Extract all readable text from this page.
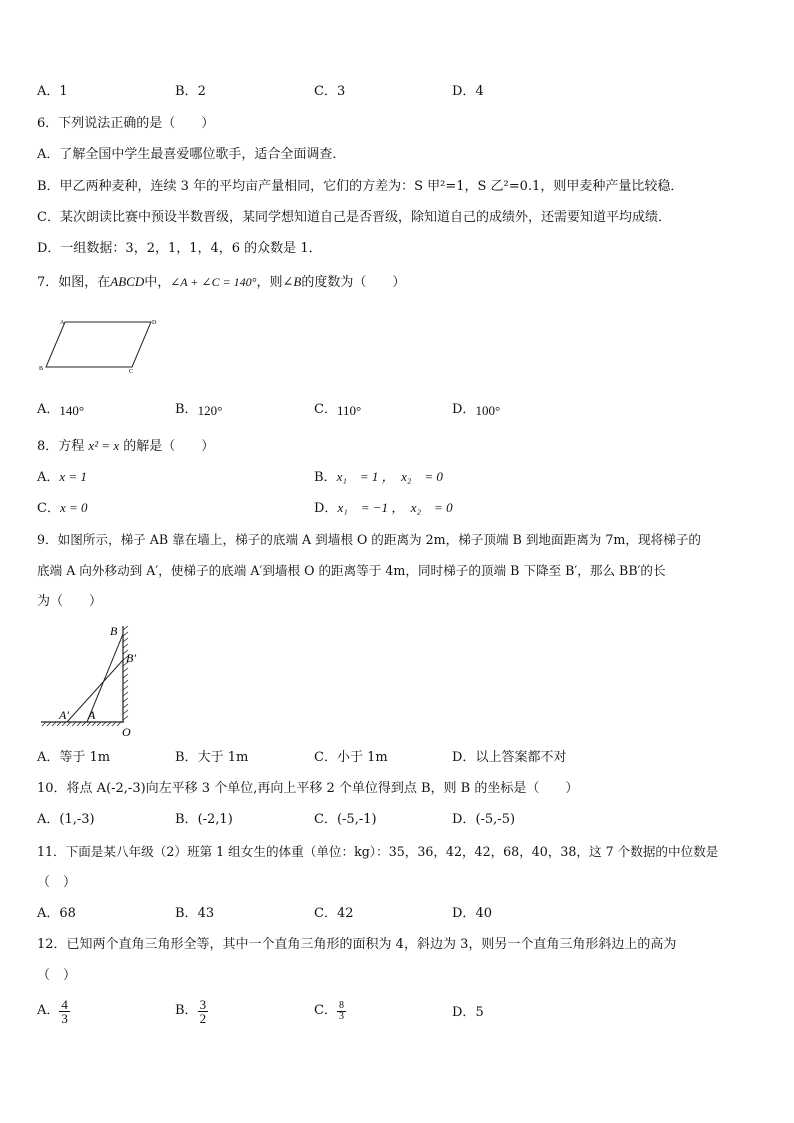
A．1	B．2	C．3	D．4
6．下列说法正确的是（　　）
A．了解全国中学生最喜爱哪位歌手，适合全面调查．
B．甲乙两种麦种，连续 3 年的平均亩产量相同，它们的方差为：S 甲²=1，S 乙²=0.1，则甲麦种产量比较稳．
C．某次朗读比赛中预设半数晋级，某同学想知道自己是否晋级，除知道自己的成绩外，还需要知道平均成绩．
D．一组数据：3，2，1，1，4，6 的众数是 1．
7．如图，在ABCD中，∠A + ∠C = 140°，则∠B的度数为（　　）
A	D
B	C
A．140°	B．120°	C．110°	D．100°
8．方程 x² = x 的解是（　　）
A．x = 1	B．x₁　= 1 ，　x₂　= 0
C．x = 0	D．x₁　= −1 ，　x₂　= 0
9．如图所示，梯子 AB 靠在墙上，梯子的底端 A 到墙根 O 的距离为 2m，梯子顶端 B 到地面距离为 7m，现将梯子的
底端 A 向外移动到 A′，使梯子的底端 A′到墙根 O 的距离等于 4m，同时梯子的顶端 B 下降至 B′，那么 BB′的长
为（　　）
B
B′
A′ A
O
A．等于 1m	B．大于 1m	C．小于 1m	D．以上答案都不对
10．将点 A(-2,-3)向左平移 3 个单位,再向上平移 2 个单位得到点 B，则 B 的坐标是（　　）
A．(1,-3)	B．(-2,1)	C．(-5,-1)	D．(-5,-5)
11．下面是某八年级（2）班第 1 组女生的体重（单位：kg）：35，36，42，42，68，40，38，这 7 个数据的中位数是
（　）
A．68	B．43	C．42	D．40
12．已知两个直角三角形全等，其中一个直角三角形的面积为 4，斜边为 3，则另一个直角三角形斜边上的高为
（　）
A． $\frac{4}{3}$	B． $\frac{3}{2}$	C． $\frac{8}{3}$	D．5
